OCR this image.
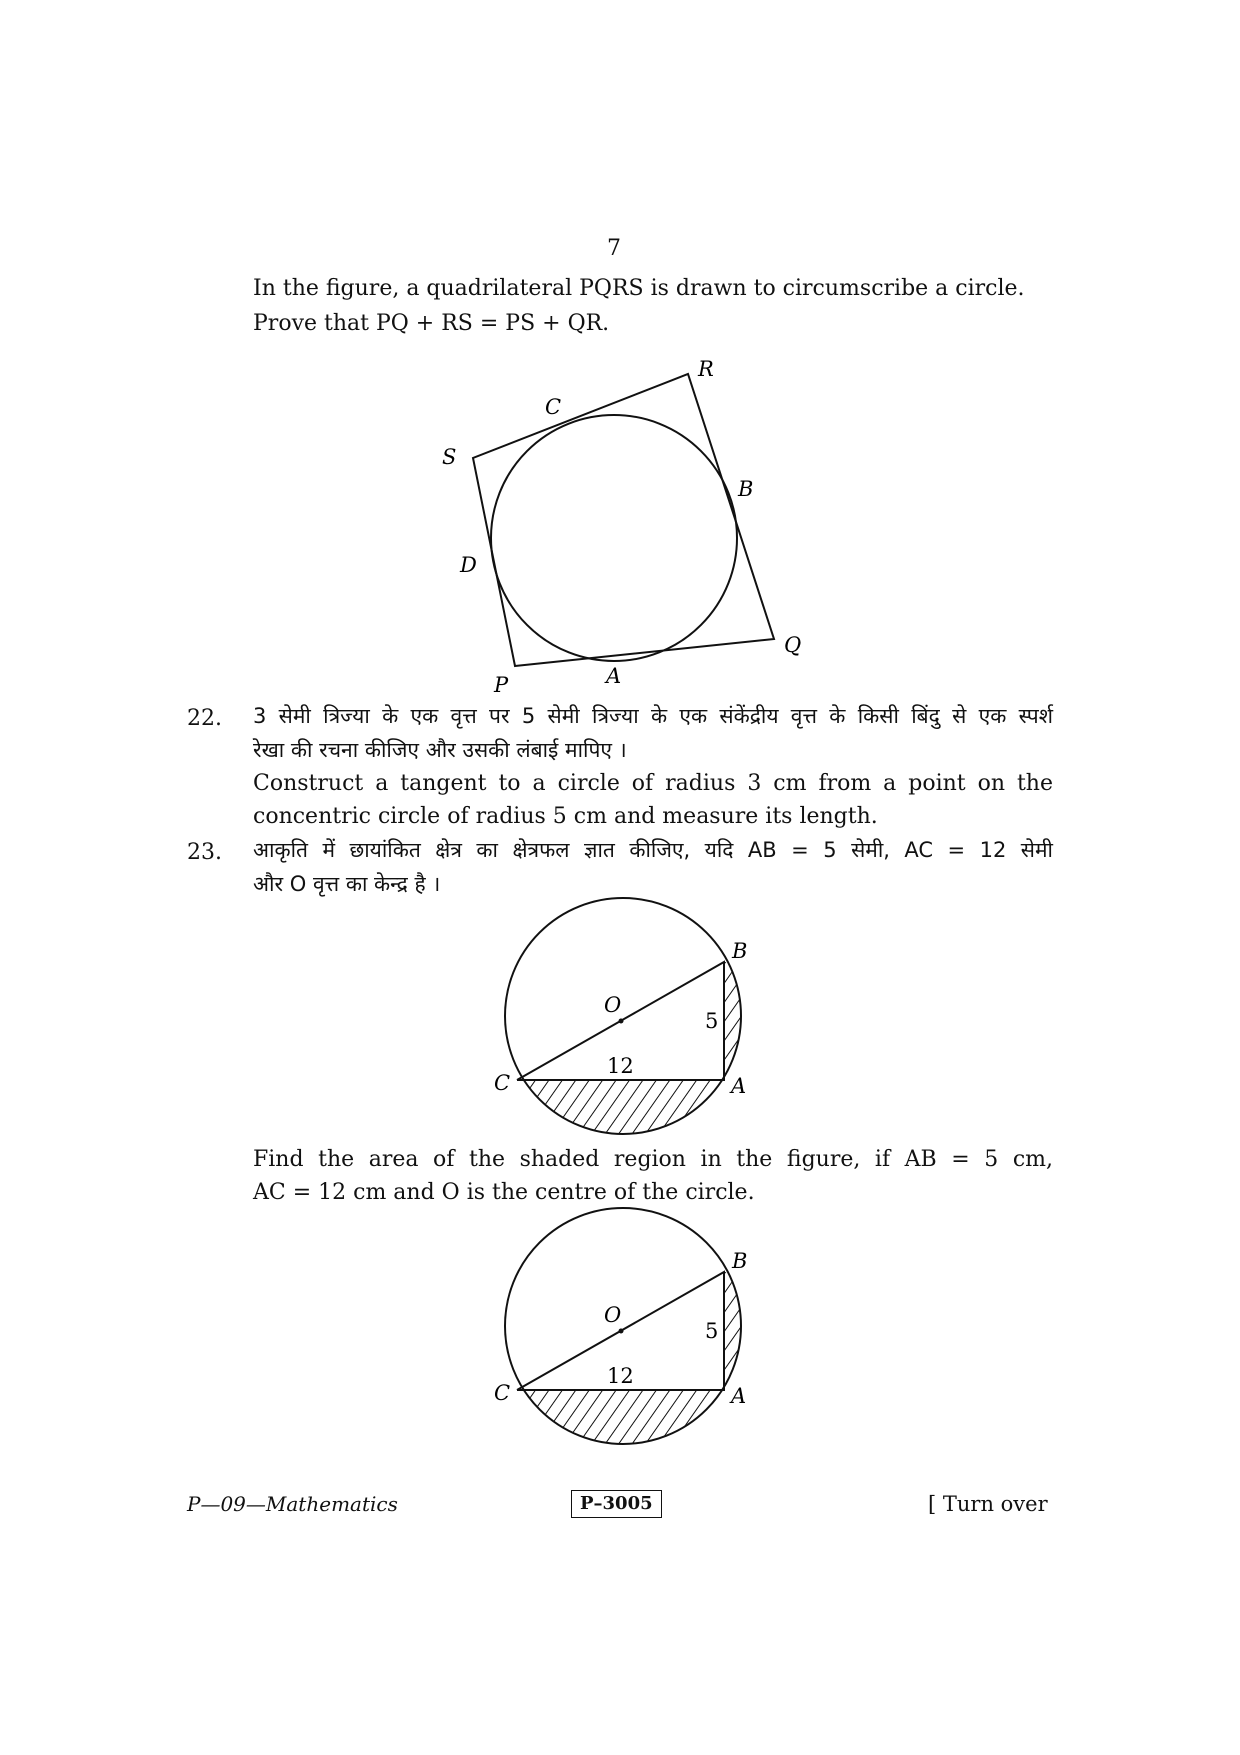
7
In the figure, a quadrilateral PQRS is drawn to circumscribe a circle.
Prove that PQ + RS = PS + QR.
R
C
S
B
D
Q
A
P
22. 3 सेमी त्रिज्या के एक वृत्त पर 5 सेमी त्रिज्या के एक संकेंद्रीय वृत्त के किसी बिंदु से एक स्पर्श
रेखा की रचना कीजिए और उसकी लंबाई मापिए ।
Construct a tangent to a circle of radius 3 cm from a point on the
concentric circle of radius 5 cm and measure its length.
23. आकृति में छायांकित क्षेत्र का क्षेत्रफल ज्ञात कीजिए, यदि AB = 5 सेमी, AC = 12 सेमी
और O वृत्त का केन्द्र है ।
O
B
5
12
C	A
Find the area of the shaded region in the figure, if AB = 5 cm,
AC = 12 cm and O is the centre of the circle.
O
B
5
12
C	A
P—09—Mathematics	P–3005	[ Turn over
